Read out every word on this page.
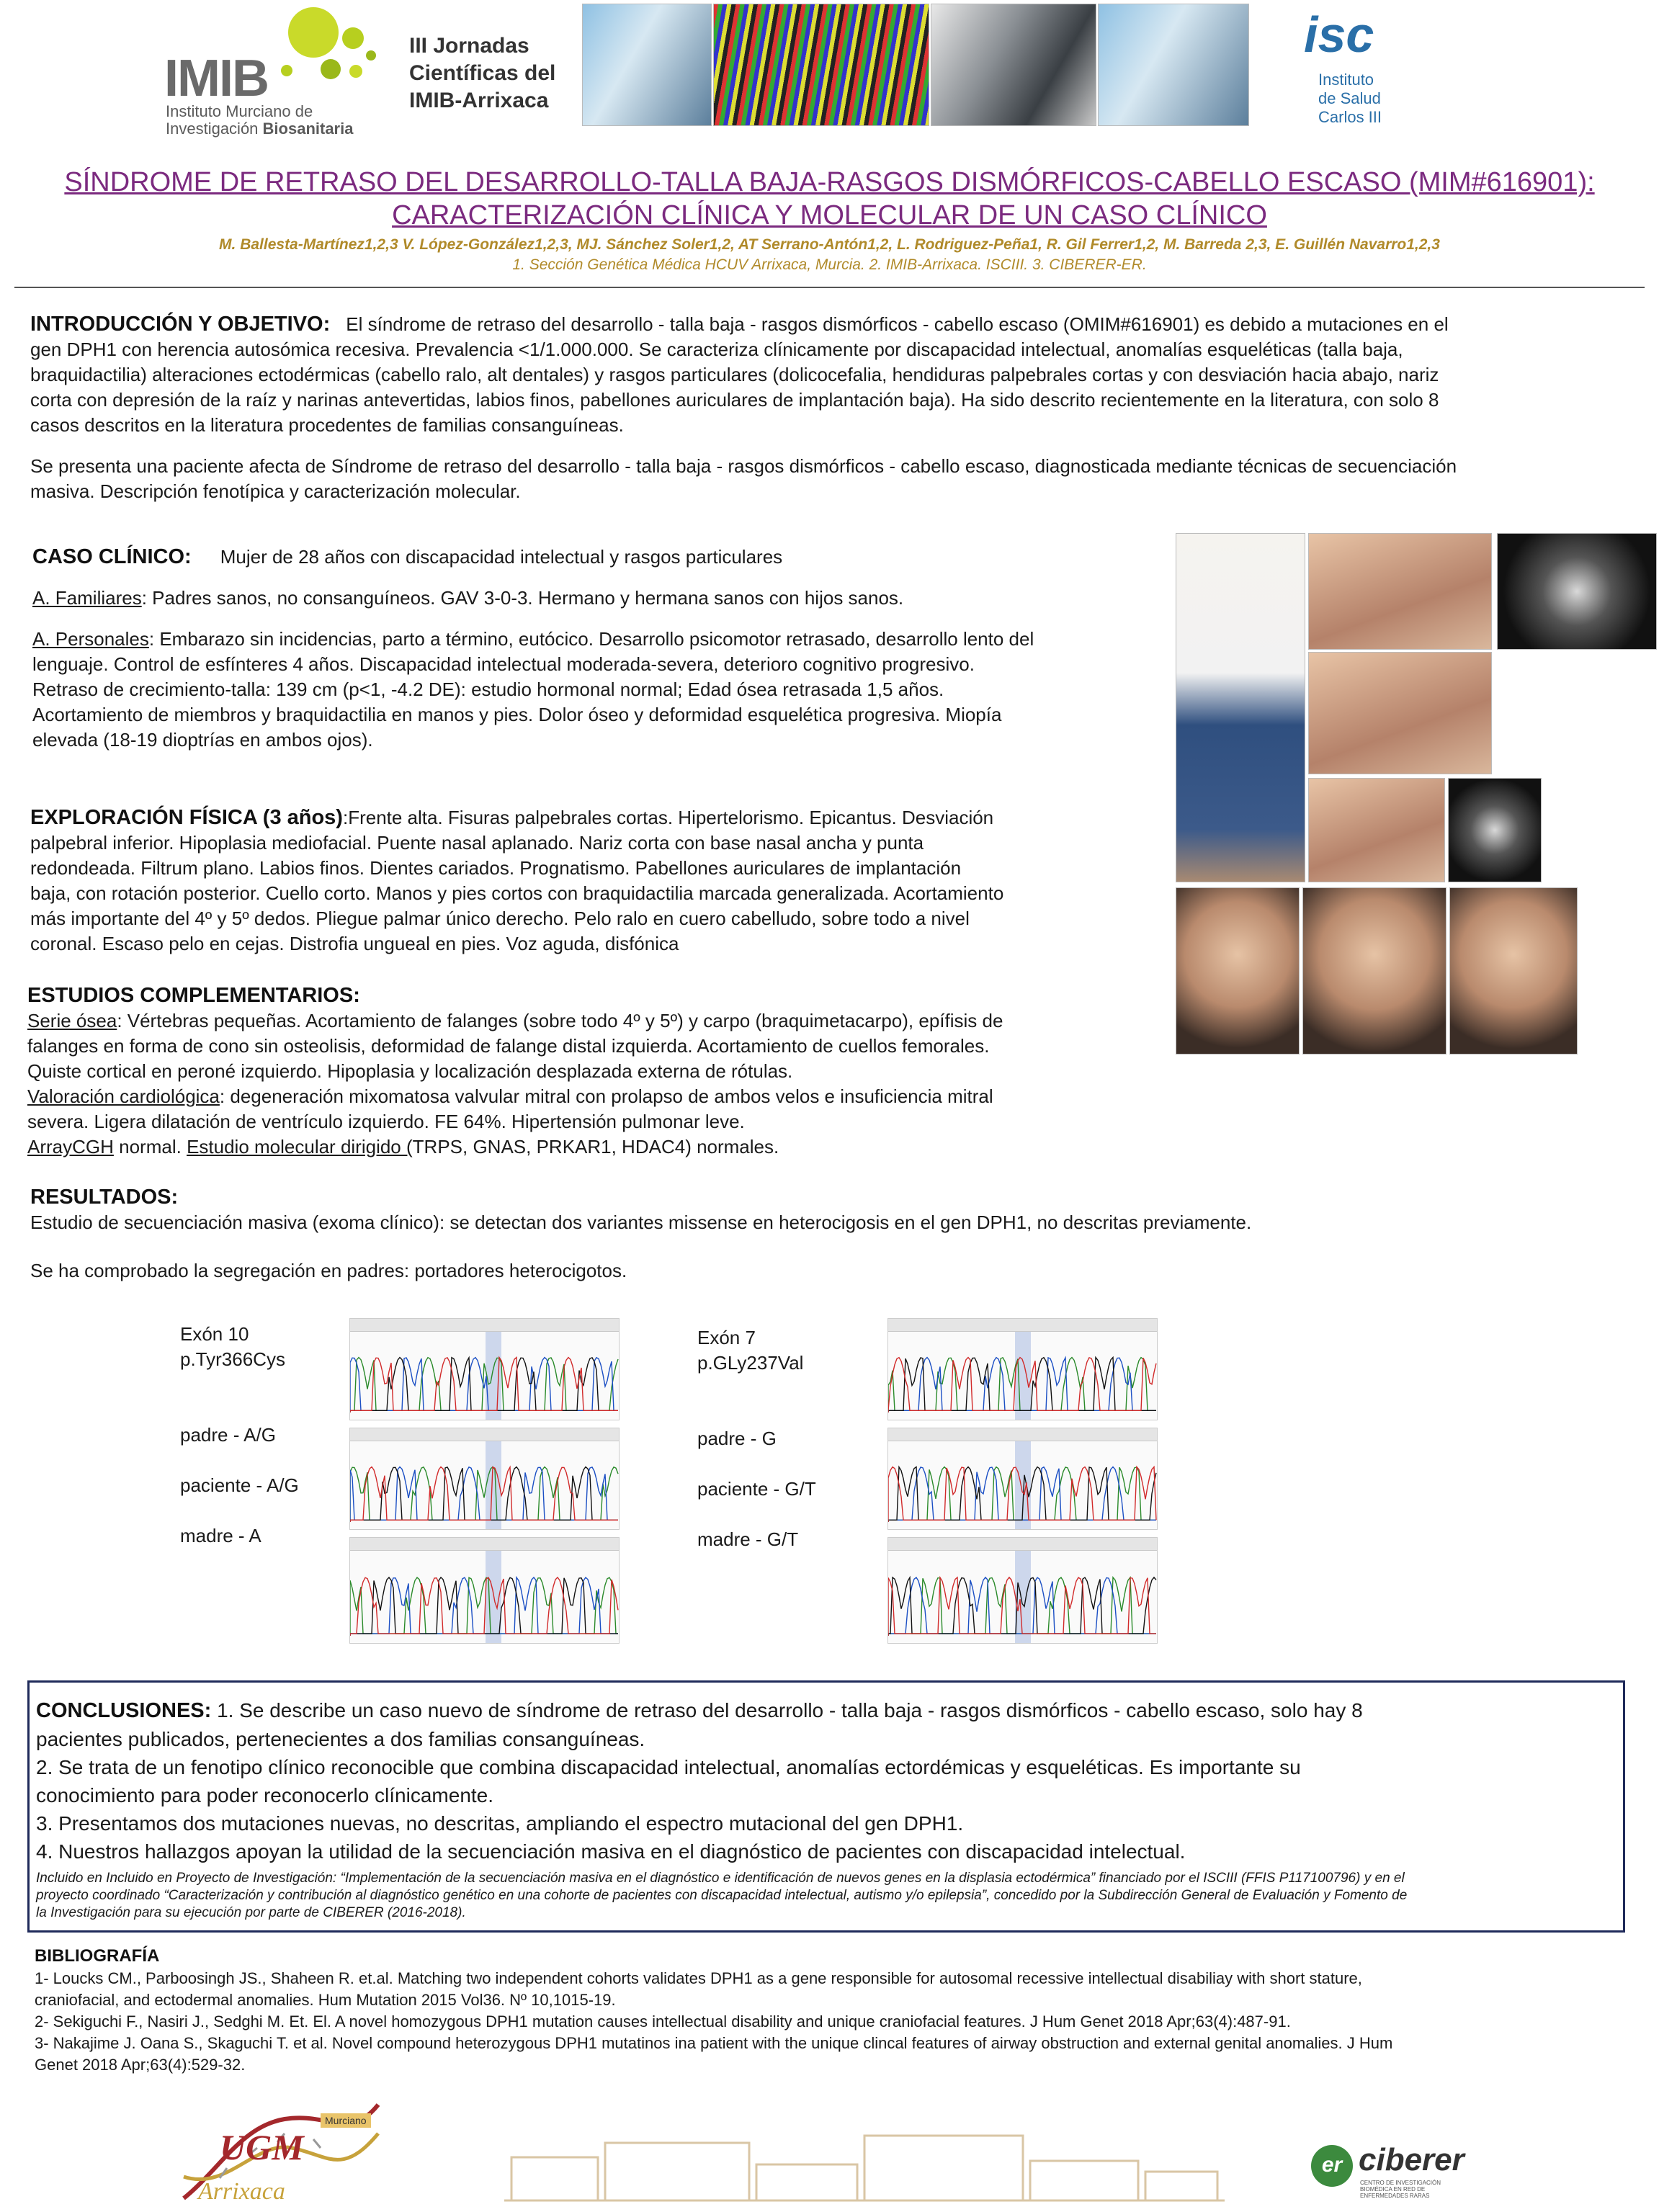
IMIB
Instituto Murciano de
Investigación Biosanitaria
III Jornadas
Científicas del
IMIB-Arrixaca
isc
Instituto
de Salud
Carlos III
SÍNDROME DE RETRASO DEL DESARROLLO-TALLA BAJA-RASGOS DISMÓRFICOS-CABELLO ESCASO (MIM#616901):
CARACTERIZACIÓN CLÍNICA Y MOLECULAR DE UN CASO CLÍNICO
M. Ballesta-Martínez1,2,3 V. López-González1,2,3, MJ. Sánchez Soler1,2, AT Serrano-Antón1,2, L. Rodriguez-Peña1, R. Gil Ferrer1,2, M. Barreda 2,3, E. Guillén Navarro1,2,3
1. Sección Genética Médica HCUV Arrixaca, Murcia. 2. IMIB-Arrixaca. ISCIII. 3. CIBERER-ER.
INTRODUCCIÓN Y OBJETIVO: El síndrome de retraso del desarrollo - talla baja - rasgos dismórficos - cabello escaso (OMIM#616901) es debido a mutaciones en el
gen DPH1 con herencia autosómica recesiva. Prevalencia <1/1.000.000. Se caracteriza clínicamente por discapacidad intelectual, anomalías esqueléticas (talla baja,
braquidactilia) alteraciones ectodérmicas (cabello ralo, alt dentales) y rasgos particulares (dolicocefalia, hendiduras palpebrales cortas y con desviación hacia abajo, nariz
corta con depresión de la raíz y narinas antevertidas, labios finos, pabellones auriculares de implantación baja). Ha sido descrito recientemente en la literatura, con solo 8
casos descritos en la literatura procedentes de familias consanguíneas.
Se presenta una paciente afecta de Síndrome de retraso del desarrollo - talla baja - rasgos dismórficos - cabello escaso, diagnosticada mediante técnicas de secuenciación
masiva. Descripción fenotípica y caracterización molecular.
CASO CLÍNICO: Mujer de 28 años con discapacidad intelectual y rasgos particulares
A. Familiares: Padres sanos, no consanguíneos. GAV 3-0-3. Hermano y hermana sanos con hijos sanos.
A. Personales: Embarazo sin incidencias, parto a término, eutócico. Desarrollo psicomotor retrasado, desarrollo lento del
lenguaje. Control de esfínteres 4 años. Discapacidad intelectual moderada-severa, deterioro cognitivo progresivo.
Retraso de crecimiento-talla: 139 cm (p<1, -4.2 DE): estudio hormonal normal; Edad ósea retrasada 1,5 años.
Acortamiento de miembros y braquidactilia en manos y pies. Dolor óseo y deformidad esquelética progresiva. Miopía
elevada (18-19 dioptrías en ambos ojos).
EXPLORACIÓN FÍSICA (3 años):Frente alta. Fisuras palpebrales cortas. Hipertelorismo. Epicantus. Desviación
palpebral inferior. Hipoplasia mediofacial. Puente nasal aplanado. Nariz corta con base nasal ancha y punta
redondeada. Filtrum plano. Labios finos. Dientes cariados. Prognatismo. Pabellones auriculares de implantación
baja, con rotación posterior. Cuello corto. Manos y pies cortos con braquidactilia marcada generalizada. Acortamiento
más importante del 4º y 5º dedos. Pliegue palmar único derecho. Pelo ralo en cuero cabelludo, sobre todo a nivel
coronal. Escaso pelo en cejas. Distrofia ungueal en pies. Voz aguda, disfónica
ESTUDIOS COMPLEMENTARIOS:
Serie ósea: Vértebras pequeñas. Acortamiento de falanges (sobre todo 4º y 5º) y carpo (braquimetacarpo), epífisis de
falanges en forma de cono sin osteolisis, deformidad de falange distal izquierda. Acortamiento de cuellos femorales.
Quiste cortical en peroné izquierdo. Hipoplasia y localización desplazada externa de rótulas.
Valoración cardiológica: degeneración mixomatosa valvular mitral con prolapso de ambos velos e insuficiencia mitral
severa. Ligera dilatación de ventrículo izquierdo. FE 64%. Hipertensión pulmonar leve.
ArrayCGH normal. Estudio molecular dirigido (TRPS, GNAS, PRKAR1, HDAC4) normales.
RESULTADOS:
Estudio de secuenciación masiva (exoma clínico): se detectan dos variantes missense en heterocigosis en el gen DPH1, no descritas previamente.
Se ha comprobado la segregación en padres: portadores heterocigotos.
Exón 10
p.Tyr366Cys
padre - A/G
paciente - A/G
madre - A
Exón 7
p.GLy237Val
padre - G
paciente - G/T
madre - G/T
CONCLUSIONES: 1. Se describe un caso nuevo de síndrome de retraso del desarrollo - talla baja - rasgos dismórficos - cabello escaso, solo hay 8
pacientes publicados, pertenecientes a dos familias consanguíneas.
2. Se trata de un fenotipo clínico reconocible que combina discapacidad intelectual, anomalías ectordémicas y esqueléticas. Es importante su
conocimiento para poder reconocerlo clínicamente.
3. Presentamos dos mutaciones nuevas, no descritas, ampliando el espectro mutacional del gen DPH1.
4. Nuestros hallazgos apoyan la utilidad de la secuenciación masiva en el diagnóstico de pacientes con discapacidad intelectual.
Incluido en Incluido en Proyecto de Investigación: “Implementación de la secuenciación masiva en el diagnóstico e identificación de nuevos genes en la displasia ectodérmica” financiado por el ISCIII (FFIS P117100796) y en el
proyecto coordinado “Caracterización y contribución al diagnóstico genético en una cohorte de pacientes con discapacidad intelectual, autismo y/o epilepsia”, concedido por la Subdirección General de Evaluación y Fomento de
la Investigación para su ejecución por parte de CIBERER (2016-2018).
BIBLIOGRAFÍA
1- Loucks CM., Parboosingh JS., Shaheen R. et.al. Matching two independent cohorts validates DPH1 as a gene responsible for autosomal recessive intellectual disabiliay with short stature,
craniofacial, and ectodermal anomalies. Hum Mutation 2015 Vol36. Nº 10,1015-19.
2- Sekiguchi F., Nasiri J., Sedghi M. Et. El. A novel homozygous DPH1 mutation causes intellectual disability and unique craniofacial features. J Hum Genet 2018 Apr;63(4):487-91.
3- Nakajime J. Oana S., Skaguchi T. et al. Novel compound heterozygous DPH1 mutatinos ina patient with the unique clincal features of airway obstruction and external genital anomalies. J Hum
Genet 2018 Apr;63(4):529-32.
UGM
Arrixaca
Murciano
er ciberer
CENTRO DE INVESTIGACIÓN BIOMÉDICA EN RED DE ENFERMEDADES RARAS
